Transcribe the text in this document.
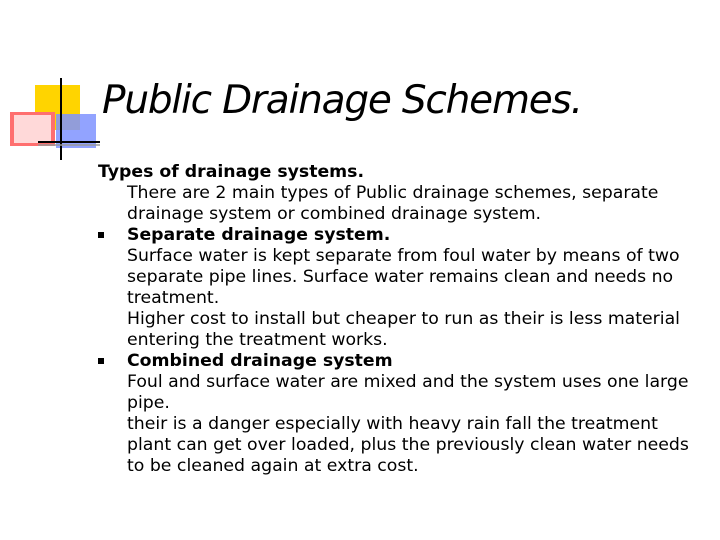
Public Drainage Schemes.

Types of drainage systems.

There are 2 main types of Public drainage schemes, separate

drainage system or combined drainage system.

Separate drainage system.

Surface water is kept separate from foul water by means of two

separate pipe lines. Surface water remains clean and needs no

treatment.

Higher cost to install but cheaper to run as their is less material

entering the treatment works.

Combined drainage system

Foul and surface water are mixed and the system uses one large

pipe.

their is a danger especially with heavy rain fall the treatment

plant can get over loaded, plus the previously clean water needs

to be cleaned again at extra cost.
